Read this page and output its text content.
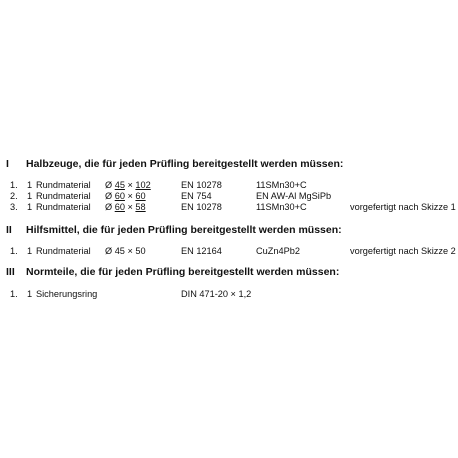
I Halbzeuge, die für jeden Prüfling bereitgestellt werden müssen:
1. 1 Rundmaterial Ø 45 × 102	EN 10278	11SMn30+C
2. 1 Rundmaterial Ø 60 × 60	EN 754	EN AW-Al MgSiPb
3. 1 Rundmaterial Ø 60 × 58	EN 10278	11SMn30+C	vorgefertigt nach Skizze 1
II Hilfsmittel, die für jeden Prüfling bereitgestellt werden müssen:
1. 1 Rundmaterial Ø 45 × 50	EN 12164	CuZn4Pb2	vorgefertigt nach Skizze 2
III Normteile, die für jeden Prüfling bereitgestellt werden müssen:
1. 1 Sicherungsring	DIN 471-20 × 1,2
